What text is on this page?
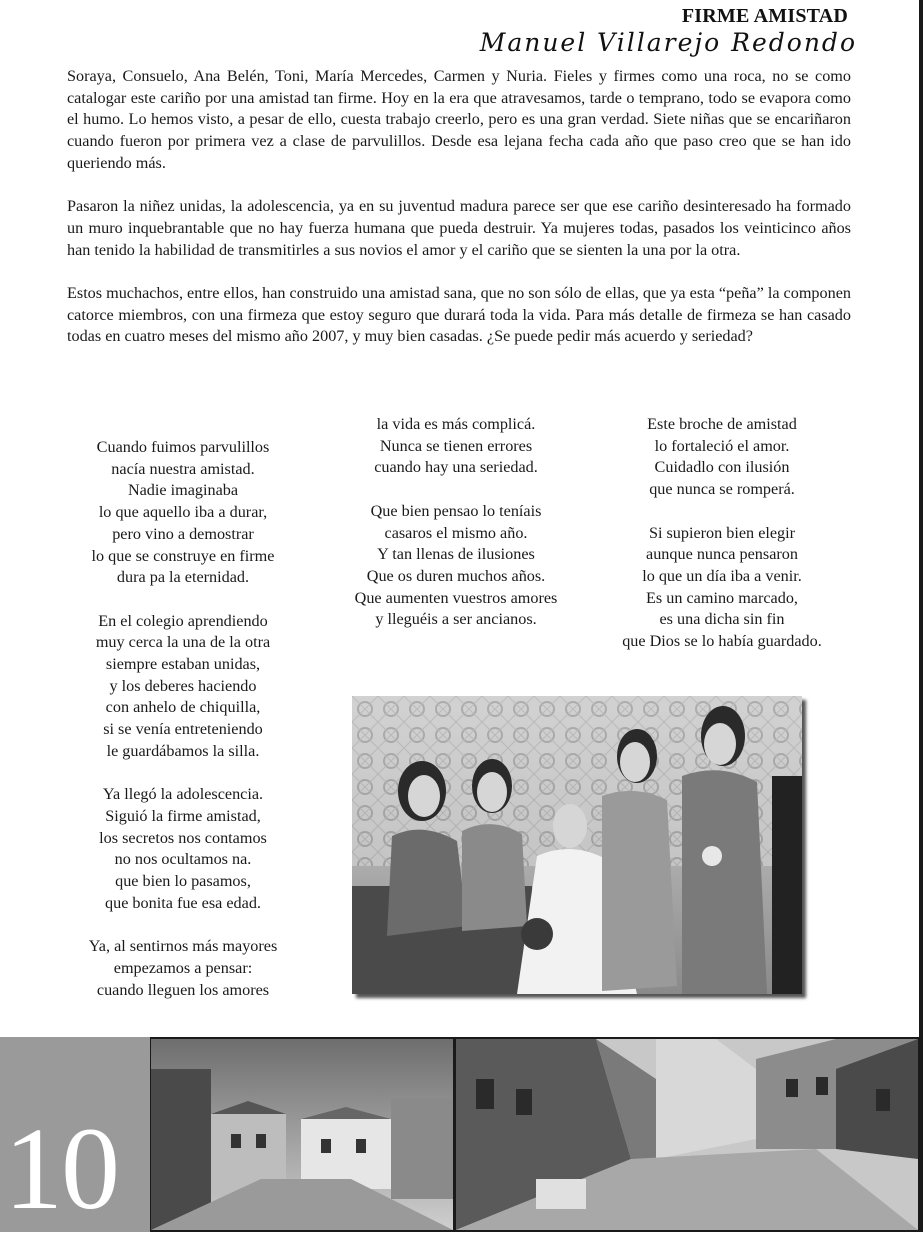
FIRME AMISTAD
Manuel Villarejo Redondo

Soraya, Consuelo, Ana Belén, Toni, María Mercedes, Carmen y Nuria. Fieles y firmes como una roca, no se como catalogar este cariño por una amistad tan firme. Hoy en la era que atravesamos, tarde o temprano, todo se evapora como el humo. Lo hemos visto, a pesar de ello, cuesta trabajo creerlo, pero es una gran verdad. Siete niñas que se encariñaron cuando fueron por primera vez a clase de parvulillos. Desde esa lejana fecha cada año que paso creo que se han ido queriendo más.

Pasaron la niñez unidas, la adolescencia, ya en su juventud madura parece ser que ese cariño desinteresado ha formado un muro inquebrantable que no hay fuerza humana que pueda destruir. Ya mujeres todas, pasados los veinticinco años han tenido la habilidad de transmitirles a sus novios el amor y el cariño que se sienten la una por la otra.

Estos muchachos, entre ellos, han construido una amistad sana, que no son sólo de ellas, que ya esta “peña” la componen catorce miembros, con una firmeza que estoy seguro que durará toda la vida. Para más detalle de firmeza se han casado todas en cuatro meses del mismo año 2007, y muy bien casadas. ¿Se puede pedir más acuerdo y seriedad?

Cuando fuimos parvulillos
nacía nuestra amistad.
Nadie imaginaba
lo que aquello iba a durar,
pero vino a demostrar
lo que se construye en firme
dura pa la eternidad.
En el colegio aprendiendo
muy cerca la una de la otra
siempre estaban unidas,
y los deberes haciendo
con anhelo de chiquilla,
si se venía entreteniendo
le guardábamos la silla.
Ya llegó la adolescencia.
Siguió la firme amistad,
los secretos nos contamos
no nos ocultamos na.
que bien lo pasamos,
que bonita fue esa edad.
Ya, al sentirnos más mayores
empezamos a pensar:
cuando lleguen los amores
la vida es más complicá.
Nunca se tienen errores
cuando hay una seriedad.
Que bien pensao lo teníais
casaros el mismo año.
Y tan llenas de ilusiones
Que os duren muchos años.
Que aumenten vuestros amores
y lleguéis a ser ancianos.
Este broche de amistad
lo fortaleció el amor.
Cuidadlo con ilusión
que nunca se romperá.
Si supieron bien elegir
aunque nunca pensaron
lo que un día iba a venir.
Es un camino marcado,
es una dicha sin fin
que Dios se lo había guardado.
10
